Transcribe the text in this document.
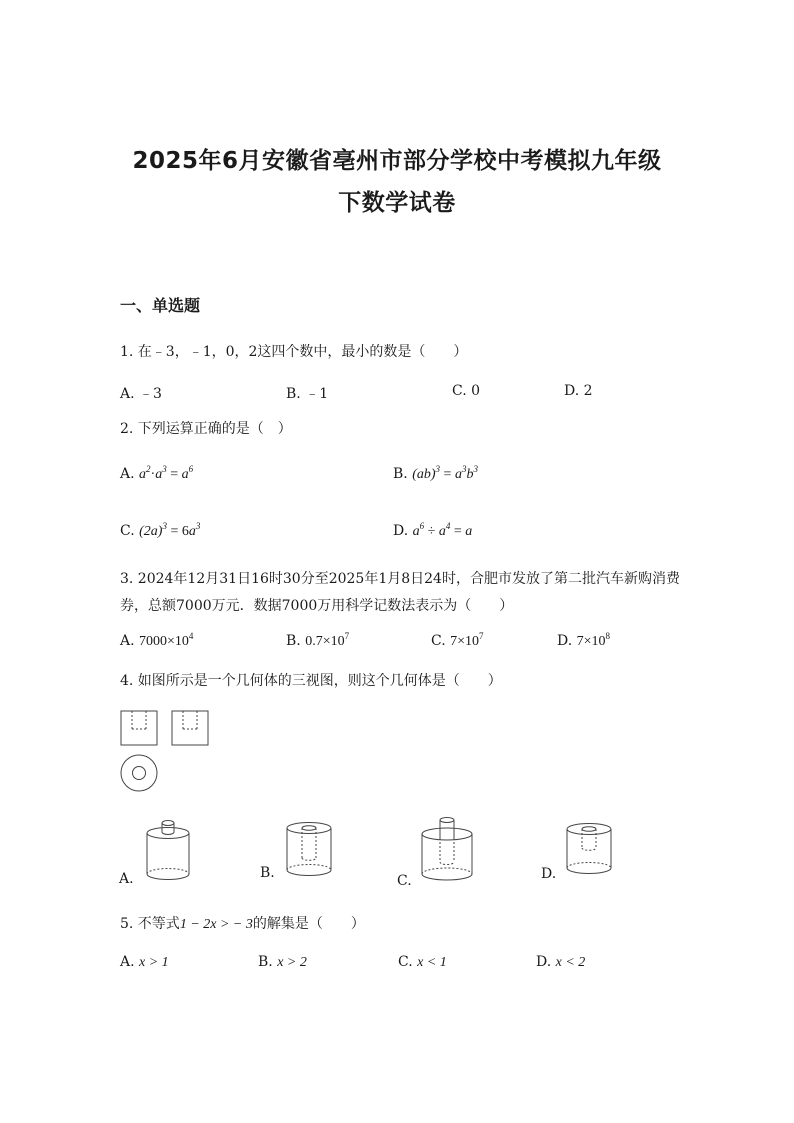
2025年6月安徽省亳州市部分学校中考模拟九年级
下数学试卷
一、单选题
1. 在﹣3，﹣1，0，2这四个数中，最小的数是（　　）
A. ﹣3	B. ﹣1	C. 0	D. 2
2. 下列运算正确的是（　）
A. $a^2\cdot a^3 = a^6$	B. $(ab)^3 = a^3b^3$
C. $(2a)^3 = 6a^3$	D. $a^6 \div a^4 = a$
3. 2024年12月31日16时30分至2025年1月8日24时，合肥市发放了第二批汽车新购消费券，总额7000万元．数据7000万用科学记数法表示为（　　）
A. $7000\times 10^4$	B. $0.7\times 10^7$	C. $7\times 10^7$	D. $7\times 10^8$
4. 如图所示是一个几何体的三视图，则这个几何体是（　　）
A.	B.	C.	D.
5. 不等式1 − 2x > − 3的解集是（　　）
A. x > 1	B. x > 2	C. x < 1	D. x < 2
